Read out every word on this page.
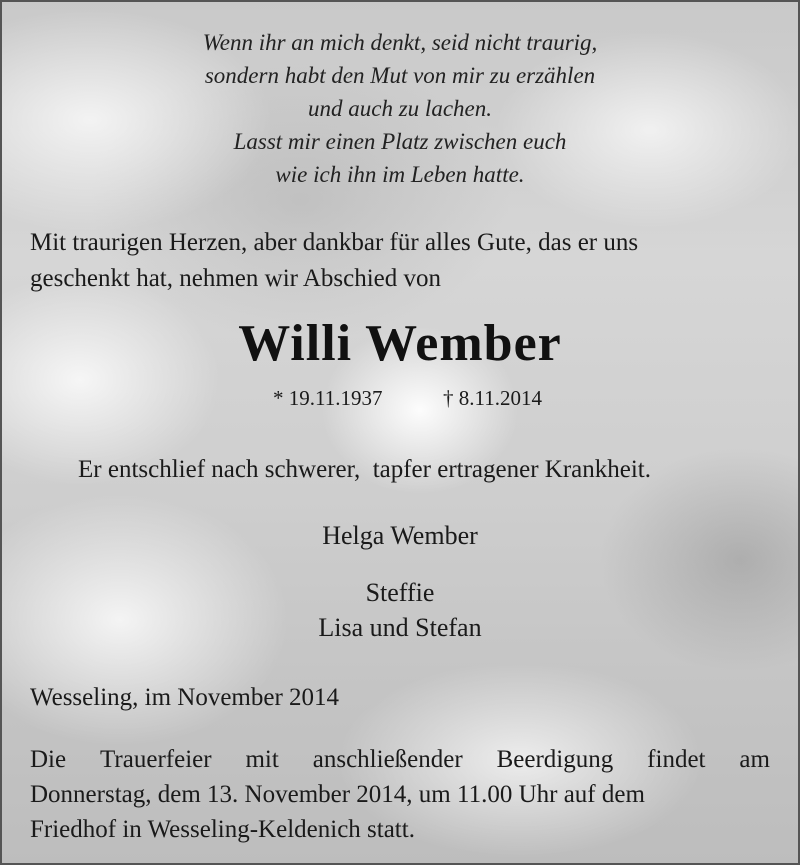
Wenn ihr an mich denkt, seid nicht traurig,
sondern habt den Mut von mir zu erzählen
und auch zu lachen.
Lasst mir einen Platz zwischen euch
wie ich ihn im Leben hatte.
Mit traurigen Herzen, aber dankbar für alles Gute, das er uns
geschenkt hat, nehmen wir Abschied von
Willi Wember
* 19.11.1937	† 8.11.2014
Er entschlief nach schwerer,  tapfer ertragener Krankheit.
Helga Wember
Steffie
Lisa und Stefan
Wesseling, im November 2014
Die Trauerfeier mit anschließender Beerdigung findet am
Donnerstag, dem 13. November 2014, um 11.00 Uhr auf dem
Friedhof in Wesseling-Keldenich statt.
